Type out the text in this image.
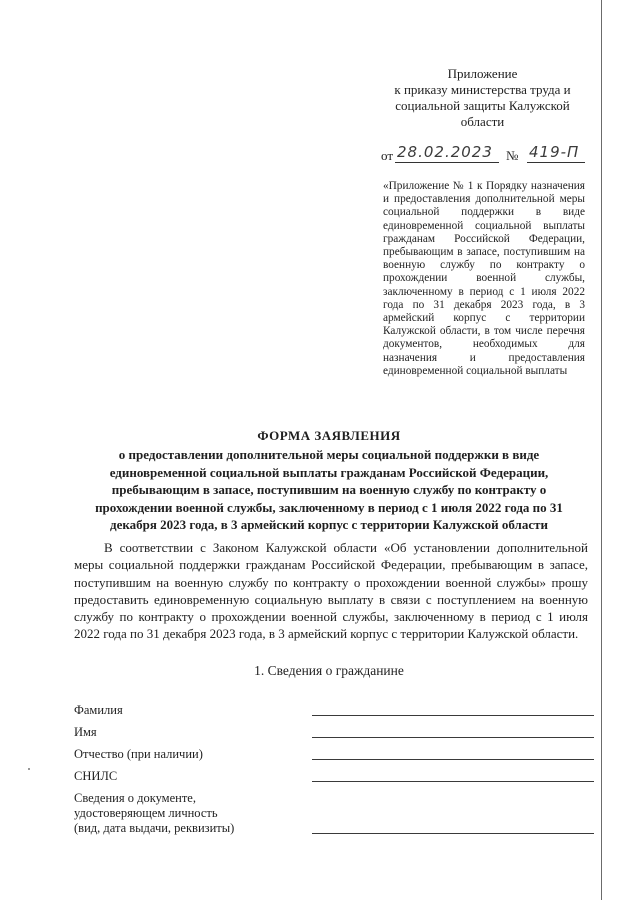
Приложение
к приказу министерства труда и
социальной защиты Калужской
области
от 28.02.2023 № 419-П
«Приложение № 1 к Порядку назначения и предоставления дополнительной меры социальной поддержки в виде единовременной социальной выплаты гражданам Российской Федерации, пребывающим в запасе, поступившим на военную службу по контракту о прохождении военной службы, заключенному в период с 1 июля 2022 года по 31 декабря 2023 года, в 3 армейский корпус с территории Калужской области, в том числе перечня документов, необходимых для назначения и предоставления единовременной социальной выплаты
ФОРМА ЗАЯВЛЕНИЯ
о предоставлении дополнительной меры социальной поддержки в виде единовременной социальной выплаты гражданам Российской Федерации, пребывающим в запасе, поступившим на военную службу по контракту о прохождении военной службы, заключенному в период с 1 июля 2022 года по 31 декабря 2023 года, в 3 армейский корпус с территории Калужской области
В соответствии с Законом Калужской области «Об установлении дополнительной меры социальной поддержки гражданам Российской Федерации, пребывающим в запасе, поступившим на военную службу по контракту о прохождении военной службы» прошу предоставить единовременную социальную выплату в связи с поступлением на военную службу по контракту о прохождении военной службы, заключенному в период с 1 июля 2022 года по 31 декабря 2023 года, в 3 армейский корпус с территории Калужской области.
1. Сведения о гражданине
Фамилия
Имя
Отчество (при наличии)
СНИЛС
Сведения о документе,
удостоверяющем личность
(вид, дата выдачи, реквизиты)
